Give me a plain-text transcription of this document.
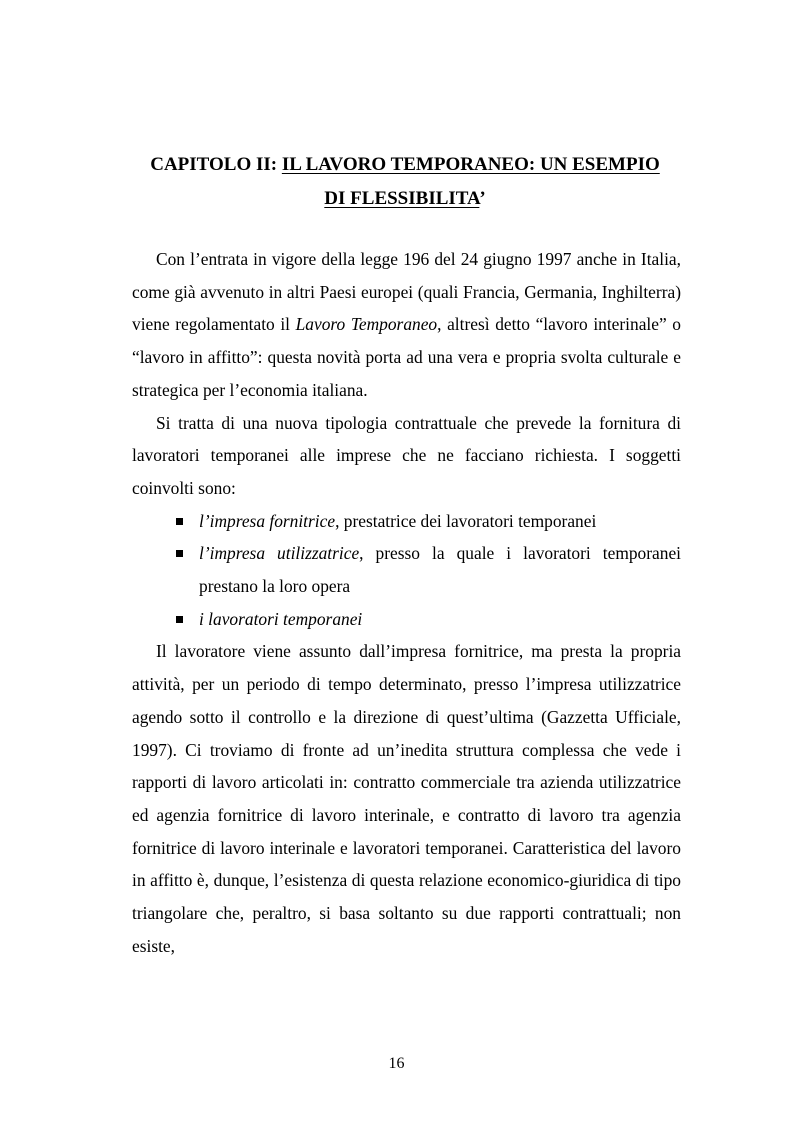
CAPITOLO II: IL LAVORO TEMPORANEO: UN ESEMPIO
DI FLESSIBILITA’

Con l’entrata in vigore della legge 196 del 24 giugno 1997 anche in Italia, come già avvenuto in altri Paesi europei (quali Francia, Germania, Inghilterra) viene regolamentato il Lavoro Temporaneo, altresì detto “lavoro interinale” o “lavoro in affitto”: questa novità porta ad una vera e propria svolta culturale e strategica per l’economia italiana.

Si tratta di una nuova tipologia contrattuale che prevede la fornitura di lavoratori temporanei alle imprese che ne facciano richiesta. I soggetti coinvolti sono:

l’impresa fornitrice, prestatrice dei lavoratori temporanei
l’impresa utilizzatrice, presso la quale i lavoratori temporanei prestano la loro opera
i lavoratori temporanei

Il lavoratore viene assunto dall’impresa fornitrice, ma presta la propria attività, per un periodo di tempo determinato, presso l’impresa utilizzatrice agendo sotto il controllo e la direzione di quest’ultima (Gazzetta Ufficiale, 1997). Ci troviamo di fronte ad un’inedita struttura complessa che vede i rapporti di lavoro articolati in: contratto commerciale tra azienda utilizzatrice ed agenzia fornitrice di lavoro interinale, e contratto di lavoro tra agenzia fornitrice di lavoro interinale e lavoratori temporanei. Caratteristica del lavoro in affitto è, dunque, l’esistenza di questa relazione economico-giuridica di tipo triangolare che, peraltro, si basa soltanto su due rapporti contrattuali; non esiste,

16
